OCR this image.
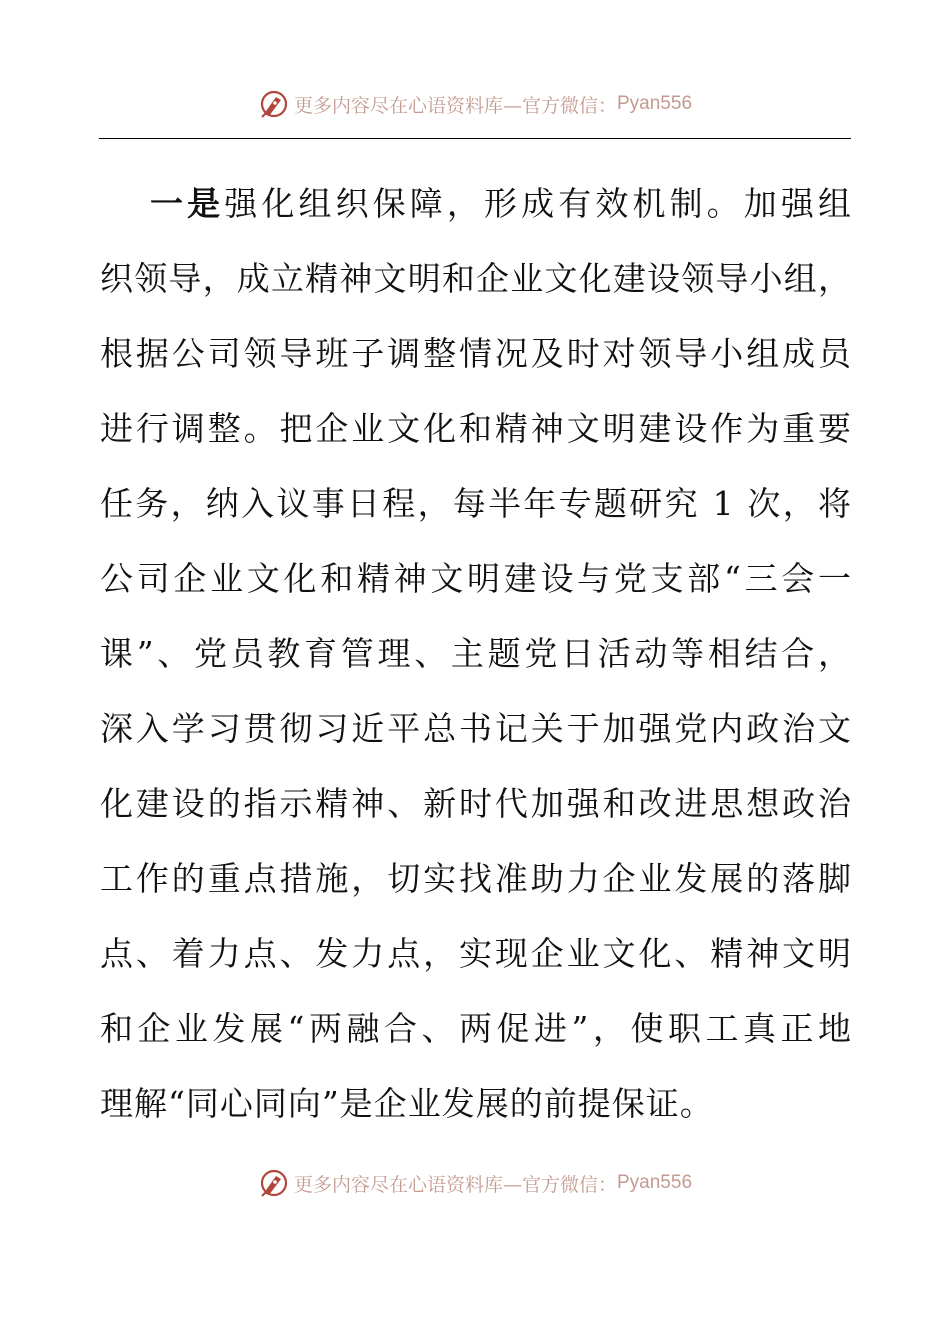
更多内容尽在心语资料库—官方微信： Pyan556
一是强化组织保障，形成有效机制。加强组
织领导，成立精神文明和企业文化建设领导小组，
根据公司领导班子调整情况及时对领导小组成员
进行调整。把企业文化和精神文明建设作为重要
任务，纳入议事日程，每半年专题研究 1 次，将
公司企业文化和精神文明建设与党支部“三会一
课”、党员教育管理、主题党日活动等相结合，
深入学习贯彻习近平总书记关于加强党内政治文
化建设的指示精神、新时代加强和改进思想政治
工作的重点措施，切实找准助力企业发展的落脚
点、着力点、发力点，实现企业文化、精神文明
和企业发展“两融合、两促进”，使职工真正地
理解“同心同向”是企业发展的前提保证。
更多内容尽在心语资料库—官方微信： Pyan556
